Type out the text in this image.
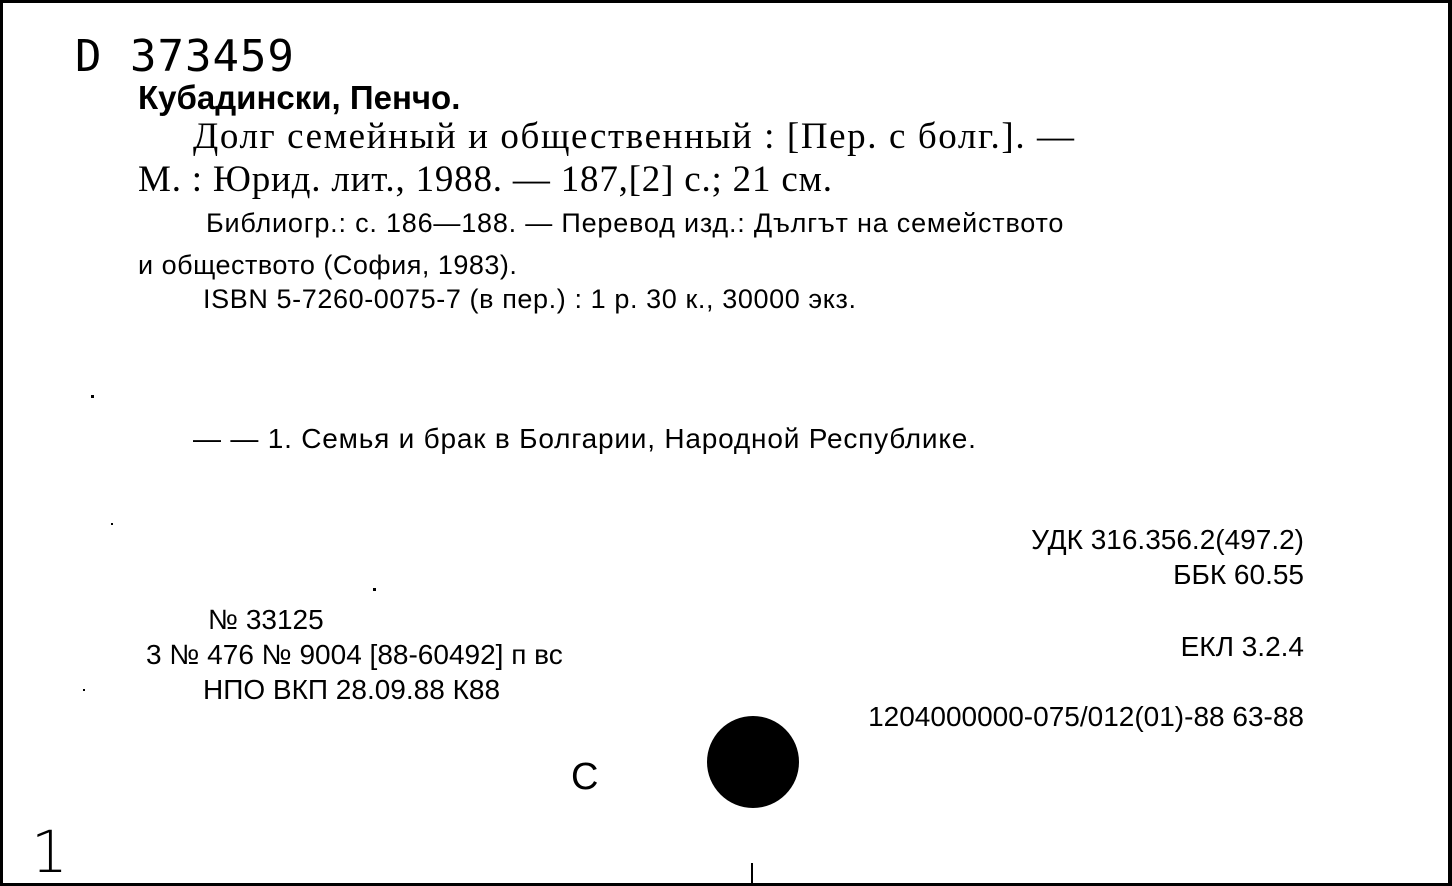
D 373459
Кубадински, Пенчо.
Долг семейный и общественный : [Пер. с болг.]. —
М. : Юрид. лит., 1988. — 187,[2] с.; 21 см.
Библиогр.: с. 186—188. — Перевод изд.: Дългът на семейството
и обществото (София, 1983).
ISBN 5-7260-0075-7 (в пер.) : 1 р. 30 к., 30000 экз.
— — 1. Семья и брак в Болгарии, Народной Республике.
УДК 316.356.2(497.2)
ББК 60.55
ЕКЛ 3.2.4
№ 33125
3 № 476 № 9004 [88-60492] п вс
НПО ВКП 28.09.88 К88
1204000000-075/012(01)-88 63-88
С
1
